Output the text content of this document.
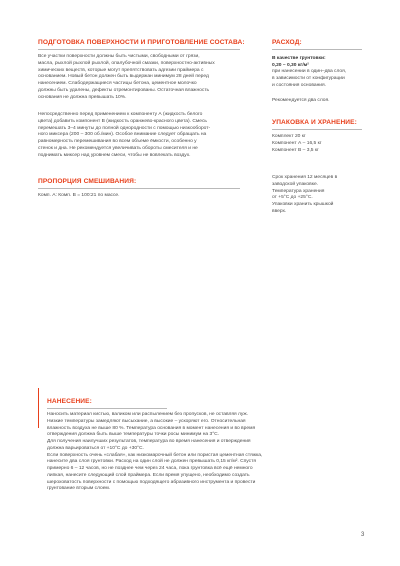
ПОДГОТОВКА ПОВЕРХНОСТИ И ПРИГОТОВЛЕНИЕ СОСТАВА:

Все участки поверхности должны быть чистыми, свободными от грязи,
масла, рыхлой рыхлой рыхлой, опалубочной смазки, поверхностно-активных
химических веществ, которые могут препятствовать адгезии праймера с
основанием. Новый бетон должен быть выдержан минимум 28 дней перед
нанесением. Слабодержащиеся частицы бетона, цементное молочко
должны быть удалены, дефекты отремонтированы. Остаточная влажность
основания не должна превышать 10%.

Непосредственно перед применением к компоненту А (жидкость белого
цвета) добавить компонент В (жидкость оранжево-красного цвета). Смесь
перемешать 3–4 минуты до полной однородности с помощью низкооборот-
ного миксера (200 – 300 об./мин). Особое внимание следует обращать на
равномерность перемешивания во всем объеме ёмкости, особенно у
стенок и дна. Не рекомендуется увеличивать обороты смесителя и не
поднимать миксер над уровнем смеси, чтобы не вовлекать воздух.

ПРОПОРЦИЯ СМЕШИВАНИЯ:

Комп. А: Комп. В = 100:21 по массе.

РАСХОД:

В качестве грунтовки:
0,20 – 0,30 кг/м²

при нанесении в один–два слоя,
в зависимости от конфигурации
и состояния основания.

Рекомендуется два слоя.

УПАКОВКА И ХРАНЕНИЕ:

Комплект 20 кг
Компонент А – 16,5 кг
Компонент В – 3,5 кг

Срок хранения 12 месяцев в
заводской упаковке.
Температура хранения
от +5°С до +25°С.
Упаковки хранить крышкой
вверх.

НАНЕСЕНИЕ:

Наносить материал кистью, валиком или распылением без пропусков, не оставляя луж.
Низкие температуры замедляют высыхание, а высокие – ускоряют его. Относительная
влажность воздуха не выше 80 %. Температура основания в момент нанесения и во время
отверждения должна быть выше температуры точки росы минимум на 3°С.
Для получения наилучших результатов, температура во время нанесения и отверждения
должна варьироваться от +10°С до +30°С.
Если поверхность очень «слабая», как низкомарочный бетон или пористая цементная стяжка,
нанесите два слоя грунтовки. Расход на один слой не должен превышать 0,15 кг/м². Спустя
примерно 6 – 12 часов, но не позднее чем через 24 часа, пока грунтовка всё ещё немного
липкая, нанесите следующий слой праймера. Если время упущено, необходимо создать
шероховатость поверхности с помощью подходящего абразивного инструмента и провести
грунтование вторым слоем.

3
